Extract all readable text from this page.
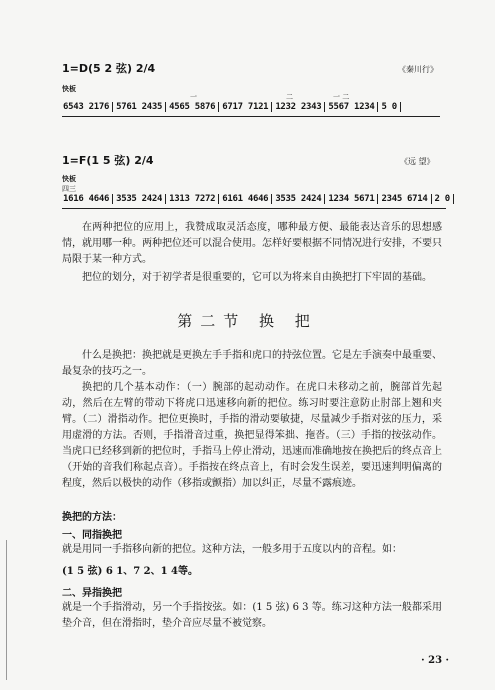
1=D(5 2 弦) 2/4	《秦川行》
快板
一                                        二                  一 二
6543 2176 5761 2435 4565 5876 6717 7121 1232 2343 5567 1234 5 0
1=F(1 5 弦) 2/4	《远 望》
快板
四三
1616 4646 3535 2424 1313 7272 6161 4646 3535 2424 1234 5671 2345 6714 2 0

在两种把位的应用上，我赞成取灵活态度，哪种最方便、最能表达音乐的思想感情，就用哪一种。两种把位还可以混合使用。怎样好要根据不同情况进行安排，不要只局限于某一种方式。

把位的划分，对于初学者是很重要的，它可以为将来自由换把打下牢固的基础。

第二节 换 把

什么是换把：换把就是更换左手手指和虎口的持弦位置。它是左手演奏中最重要、最复杂的技巧之一。

换把的几个基本动作：（一）腕部的起动动作。在虎口未移动之前，腕部首先起动，然后在左臂的带动下将虎口迅速移向新的把位。练习时要注意防止肘部上翘和夹臂。（二）滑指动作。把位更换时，手指的滑动要敏捷，尽量减少手指对弦的压力，采用虚滑的方法。否则，手指滑音过重，换把显得笨拙、拖沓。（三）手指的按弦动作。当虎口已经移到新的把位时，手指马上停止滑动，迅速而准确地按在换把后的终点音上（开始的音我们称起点音）。手指按在终点音上，有时会发生误差，要迅速判明偏离的程度，然后以极快的动作（移指或颤指）加以纠正，尽量不露痕迹。

换把的方法：
一、同指换把

就是用同一手指移向新的把位。这种方法，一般多用于五度以内的音程。如：

(1 5 弦) 6 1、7 2、1 4等。
二、异指换把

就是一个手指滑动，另一个手指按弦。如：(1 5 弦) 6 3 等。练习这种方法一般都采用垫介音，但在滑指时，垫介音应尽量不被觉察。

· 23 ·
